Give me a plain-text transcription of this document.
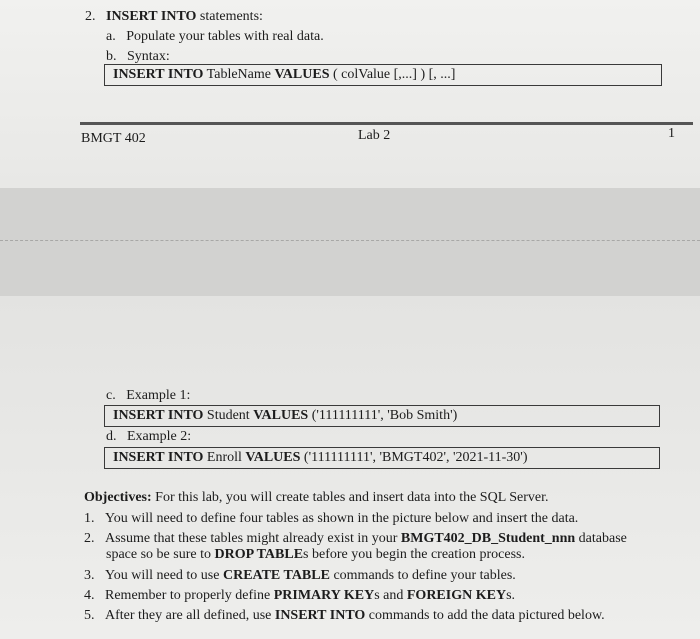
2. INSERT INTO statements:
a. Populate your tables with real data.
b. Syntax:
INSERT INTO TableName VALUES ( colValue [,...] ) [, ...]
BMGT 402	Lab 2	1
c. Example 1:
INSERT INTO Student VALUES ('111111111', 'Bob Smith')
d. Example 2:
INSERT INTO Enroll VALUES ('111111111', 'BMGT402', '2021-11-30')
Objectives: For this lab, you will create tables and insert data into the SQL Server.
1. You will need to define four tables as shown in the picture below and insert the data.
2. Assume that these tables might already exist in your BMGT402_DB_Student_nnn database
space so be sure to DROP TABLEs before you begin the creation process.
3. You will need to use CREATE TABLE commands to define your tables.
4. Remember to properly define PRIMARY KEYs and FOREIGN KEYs.
5. After they are all defined, use INSERT INTO commands to add the data pictured below.
